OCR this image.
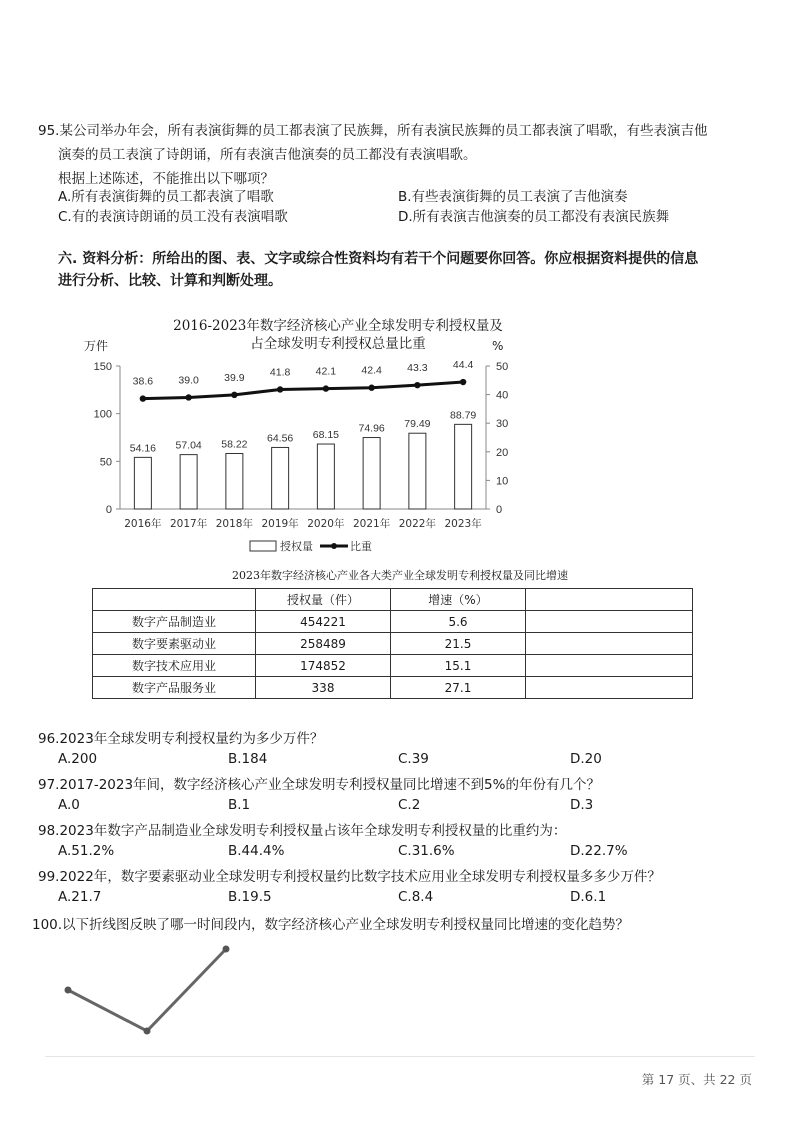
95.某公司举办年会，所有表演街舞的员工都表演了民族舞，所有表演民族舞的员工都表演了唱歌，有些表演吉他
演奏的员工表演了诗朗诵，所有表演吉他演奏的员工都没有表演唱歌。
根据上述陈述，不能推出以下哪项？
A.所有表演街舞的员工都表演了唱歌	B.有些表演街舞的员工表演了吉他演奏
C.有的表演诗朗诵的员工没有表演唱歌	D.所有表演吉他演奏的员工都没有表演民族舞
六. 资料分析：所给出的图、表、文字或综合性资料均有若干个问题要你回答。你应根据资料提供的信息
进行分析、比较、计算和判断处理。
2016-2023年数字经济核心产业全球发明专利授权量及
占全球发明专利授权总量比重
0
50
100
150
0
10
20
30
40
50
万件	%
2016年 2017年 2018年 2019年 2020年 2021年 2022年 2023年
54.16 57.04 58.22
64.56 68.15
74.96 79.49
88.79
38.6 39.0 39.9 41.8 42.1 42.4 43.3 44.4
授权量	比重
2023年数字经济核心产业各大类产业全球发明专利授权量及同比增速
	授权量（件）	增速（%）	
数字产品制造业	454221	5.6	
数字要素驱动业	258489	21.5	
数字技术应用业	174852	15.1	
数字产品服务业	338	27.1	
96.2023年全球发明专利授权量约为多少万件？
A.200	B.184	C.39	D.20
97.2017-2023年间，数字经济核心产业全球发明专利授权量同比增速不到5%的年份有几个？
A.0	B.1	C.2	D.3
98.2023年数字产品制造业全球发明专利授权量占该年全球发明专利授权量的比重约为：
A.51.2%	B.44.4%	C.31.6%	D.22.7%
99.2022年，数字要素驱动业全球发明专利授权量约比数字技术应用业全球发明专利授权量多多少万件？
A.21.7	B.19.5	C.8.4	D.6.1
100.以下折线图反映了哪一时间段内，数字经济核心产业全球发明专利授权量同比增速的变化趋势？
第 17 页、共 22 页
